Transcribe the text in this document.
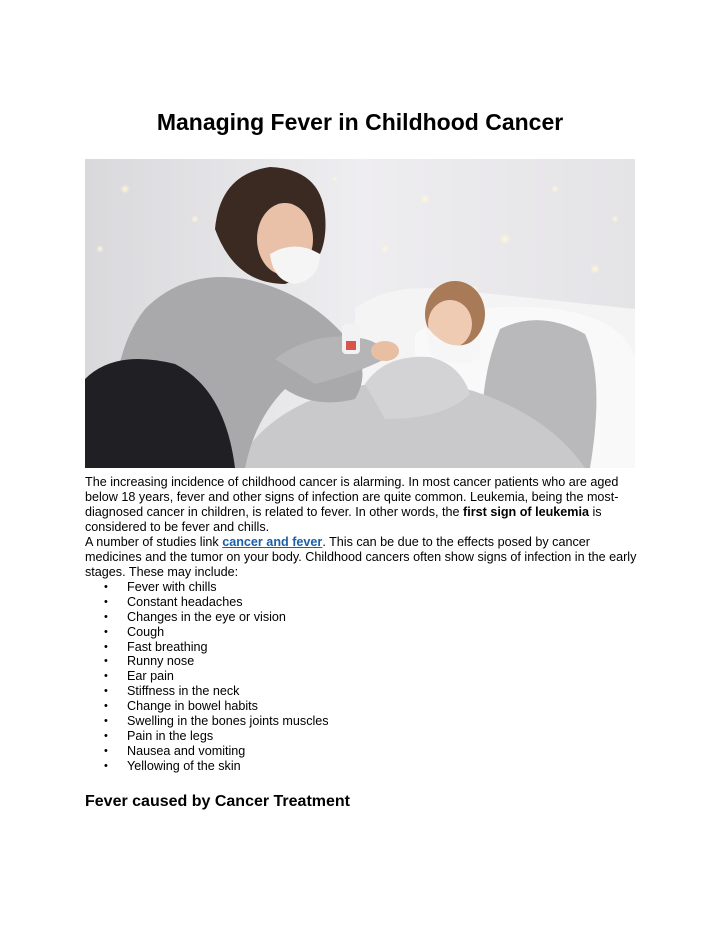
Managing Fever in Childhood Cancer

The increasing incidence of childhood cancer is alarming. In most cancer patients who are aged below 18 years, fever and other signs of infection are quite common. Leukemia, being the most-diagnosed cancer in children, is related to fever. In other words, the first sign of leukemia is considered to be fever and chills.

A number of studies link cancer and fever. This can be due to the effects posed by cancer medicines and the tumor on your body. Childhood cancers often show signs of infection in the early stages. These may include:

• Fever with chills
• Constant headaches
• Changes in the eye or vision
• Cough
• Fast breathing
• Runny nose
• Ear pain
• Stiffness in the neck
• Change in bowel habits
• Swelling in the bones joints muscles
• Pain in the legs
• Nausea and vomiting
• Yellowing of the skin
Fever caused by Cancer Treatment
